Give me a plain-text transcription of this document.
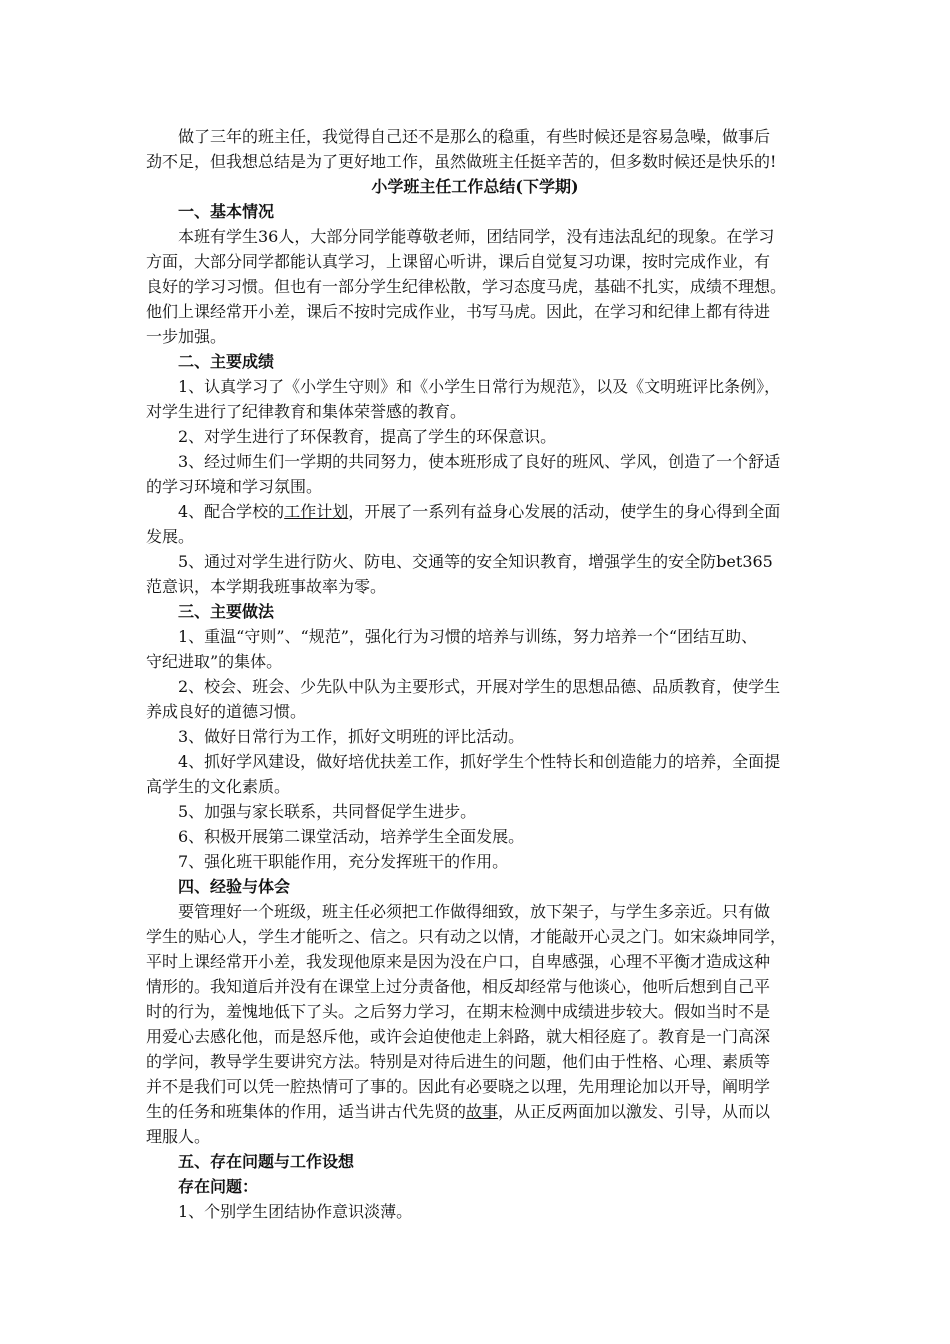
做了三年的班主任，我觉得自己还不是那么的稳重，有些时候还是容易急噪，做事后
劲不足，但我想总结是为了更好地工作，虽然做班主任挺辛苦的，但多数时候还是快乐的!
小学班主任工作总结(下学期)
一、基本情况
本班有学生36人，大部分同学能尊敬老师，团结同学，没有违法乱纪的现象。在学习
方面，大部分同学都能认真学习，上课留心听讲，课后自觉复习功课，按时完成作业，有
良好的学习习惯。但也有一部分学生纪律松散，学习态度马虎，基础不扎实，成绩不理想。
他们上课经常开小差，课后不按时完成作业，书写马虎。因此，在学习和纪律上都有待进
一步加强。
二、主要成绩
1、认真学习了《小学生守则》和《小学生日常行为规范》，以及《文明班评比条例》，
对学生进行了纪律教育和集体荣誉感的教育。
2、对学生进行了环保教育，提高了学生的环保意识。
3、经过师生们一学期的共同努力，使本班形成了良好的班风、学风，创造了一个舒适
的学习环境和学习氛围。
4、配合学校的工作计划，开展了一系列有益身心发展的活动，使学生的身心得到全面
发展。
5、通过对学生进行防火、防电、交通等的安全知识教育，增强学生的安全防bet365
范意识，本学期我班事故率为零。
三、主要做法
1、重温“守则”、“规范”，强化行为习惯的培养与训练，努力培养一个“团结互助、
守纪进取”的集体。
2、校会、班会、少先队中队为主要形式，开展对学生的思想品德、品质教育，使学生
养成良好的道德习惯。
3、做好日常行为工作，抓好文明班的评比活动。
4、抓好学风建设，做好培优扶差工作，抓好学生个性特长和创造能力的培养，全面提
高学生的文化素质。
5、加强与家长联系，共同督促学生进步。
6、积极开展第二课堂活动，培养学生全面发展。
7、强化班干职能作用，充分发挥班干的作用。
四、经验与体会
要管理好一个班级，班主任必须把工作做得细致，放下架子，与学生多亲近。只有做
学生的贴心人，学生才能听之、信之。只有动之以情，才能敲开心灵之门。如宋焱坤同学，
平时上课经常开小差，我发现他原来是因为没在户口，自卑感强，心理不平衡才造成这种
情形的。我知道后并没有在课堂上过分责备他，相反却经常与他谈心，他听后想到自己平
时的行为，羞愧地低下了头。之后努力学习，在期末检测中成绩进步较大。假如当时不是
用爱心去感化他，而是怒斥他，或许会迫使他走上斜路，就大相径庭了。教育是一门高深
的学问，教导学生要讲究方法。特别是对待后进生的问题，他们由于性格、心理、素质等
并不是我们可以凭一腔热情可了事的。因此有必要晓之以理，先用理论加以开导，阐明学
生的任务和班集体的作用，适当讲古代先贤的故事，从正反两面加以激发、引导，从而以
理服人。
五、存在问题与工作设想
存在问题：
1、个别学生团结协作意识淡薄。
